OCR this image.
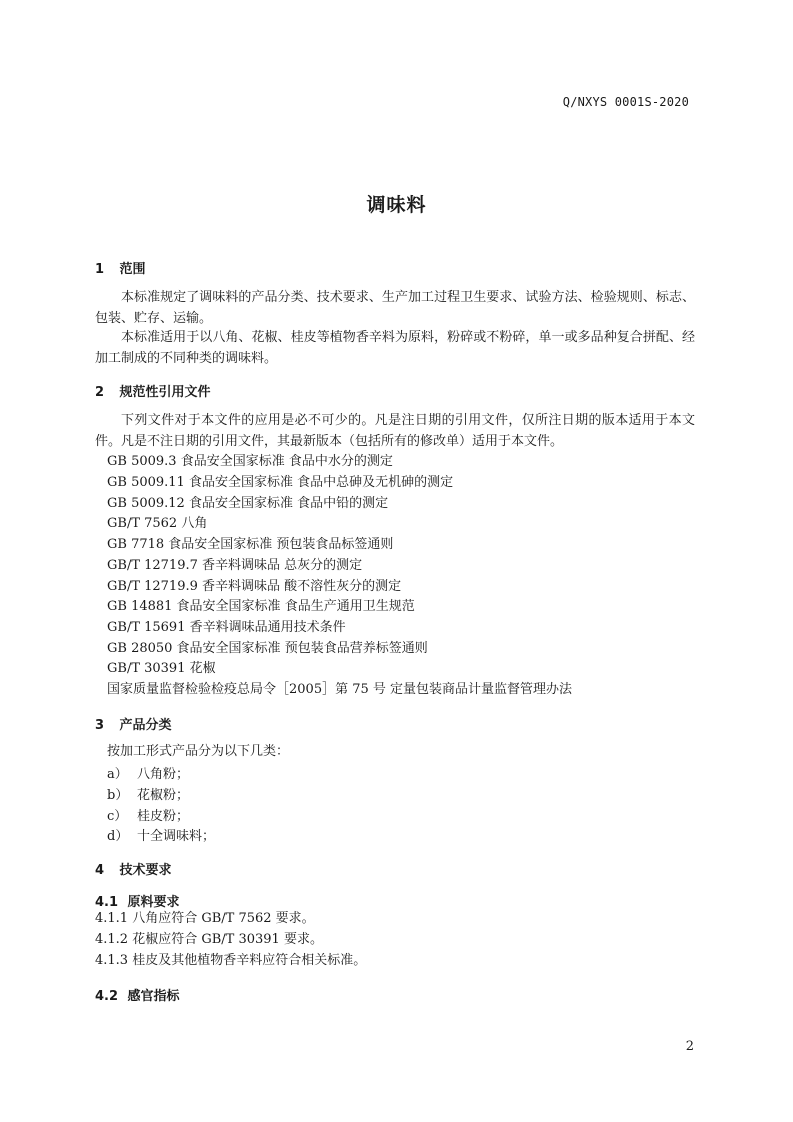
Q/NXYS 0001S-2020
调味料
1 范围
本标准规定了调味料的产品分类、技术要求、生产加工过程卫生要求、试验方法、检验规则、标志、包装、贮存、运输。
本标准适用于以八角、花椒、桂皮等植物香辛料为原料，粉碎或不粉碎，单一或多品种复合拼配、经加工制成的不同种类的调味料。
2 规范性引用文件
下列文件对于本文件的应用是必不可少的。凡是注日期的引用文件，仅所注日期的版本适用于本文件。凡是不注日期的引用文件，其最新版本（包括所有的修改单）适用于本文件。
GB 5009.3 食品安全国家标准 食品中水分的测定
GB 5009.11 食品安全国家标准 食品中总砷及无机砷的测定
GB 5009.12 食品安全国家标准 食品中铅的测定
GB/T 7562 八角
GB 7718 食品安全国家标准 预包装食品标签通则
GB/T 12719.7 香辛料调味品 总灰分的测定
GB/T 12719.9 香辛料调味品 酸不溶性灰分的测定
GB 14881 食品安全国家标准 食品生产通用卫生规范
GB/T 15691 香辛料调味品通用技术条件
GB 28050 食品安全国家标准 预包装食品营养标签通则
GB/T 30391 花椒
国家质量监督检验检疫总局令［2005］第 75 号 定量包装商品计量监督管理办法
3 产品分类
按加工形式产品分为以下几类：
a） 八角粉；
b） 花椒粉；
c） 桂皮粉；
d） 十全调味料；
4 技术要求
4.1 原料要求
4.1.1 八角应符合 GB/T 7562 要求。
4.1.2 花椒应符合 GB/T 30391 要求。
4.1.3 桂皮及其他植物香辛料应符合相关标准。
4.2 感官指标
2
